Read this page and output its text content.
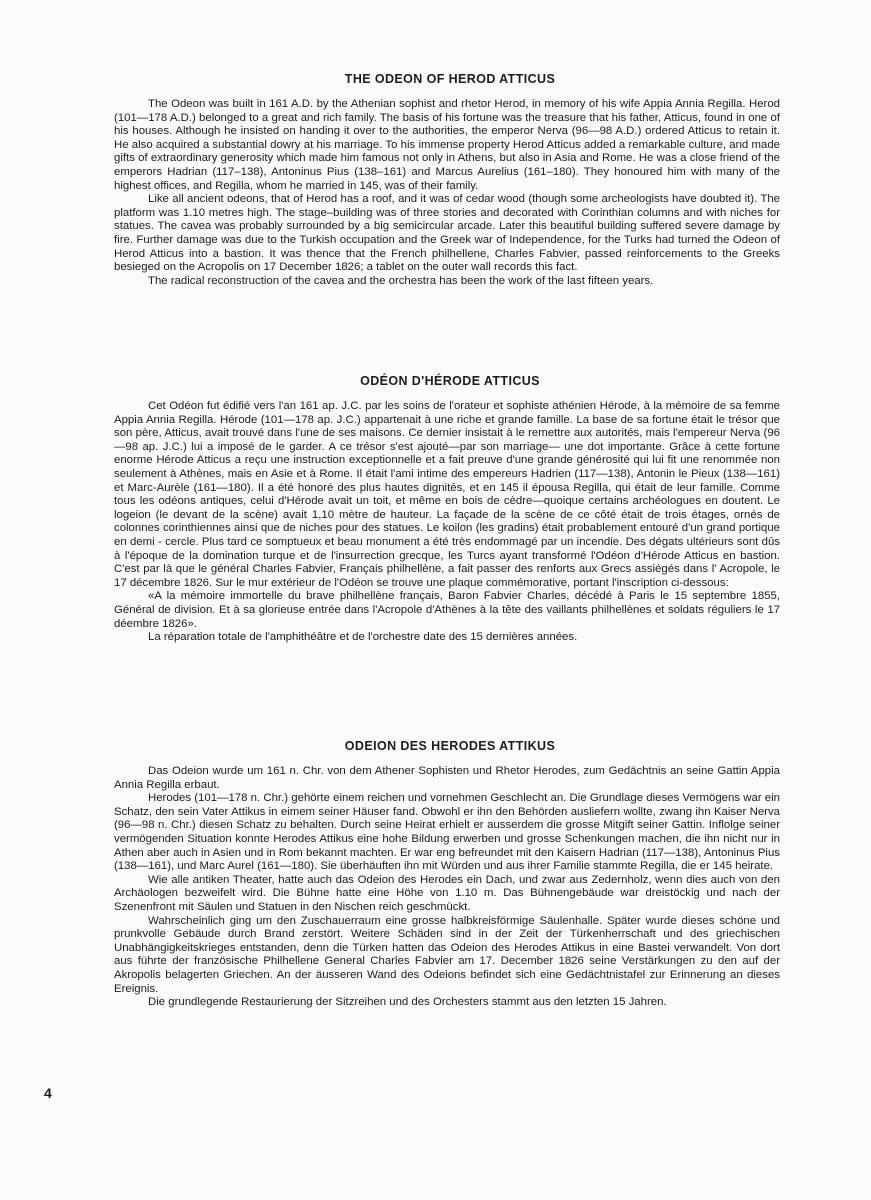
THE ODEON OF HEROD ATTICUS

The Odeon was built in 161 A.D. by the Athenian sophist and rhetor Herod, in memory of his wife Appia Annia Regilla. Herod (101—178 A.D.) belonged to a great and rich family. The basis of his fortune was the treasure that his father, Atticus, found in one of his houses. Although he insisted on handing it over to the authorities, the emperor Nerva (96—98 A.D.) ordered Atticus to retain it. He also acquired a substantial dowry at his marriage. To his immense property Herod Atticus added a remarkable culture, and made gifts of extraordinary generosity which made him famous not only in Athens, but also in Asia and Rome. He was a close friend of the emperors Hadrian (117–138), Antoninus Pius (138–161) and Marcus Aurelius (161–180). They honoured him with many of the highest offices, and Regilla, whom he married in 145, was of their family.

Like all ancient odeons, that of Herod has a roof, and it was of cedar wood (though some archeologists have doubted it). The platform was 1.10 metres high. The stage–building was of three stories and decorated with Corinthian columns and with niches for statues. The cavea was probably surrounded by a big semicircular arcade. Later this beautiful building suffered severe damage by fire. Further damage was due to the Turkish occupation and the Greek war of Independence, for the Turks had turned the Odeon of Herod Atticus into a bastion. It was thence that the French philhellene, Charles Fabvier, passed reinforcements to the Greeks besieged on the Acropolis on 17 December 1826; a tablet on the outer wall records this fact.

The radical reconstruction of the cavea and the orchestra has been the work of the last fifteen years.

ODÉON D'HÉRODE ATTICUS

Cet Odéon fut édifié vers l'an 161 ap. J.C. par les soins de l'orateur et sophiste athénien Hérode, à la mémoire de sa femme Appia Annia Regilla. Hérode (101—178 ap. J.C.) appartenait à une riche et grande famille. La base de sa fortune était le trésor que son père, Atticus, avait trouvé dans l'une de ses maisons. Ce dernier insistait à le remettre aux autorités, mais l'empereur Nerva (96—98 ap. J.C.) lui a imposé de le garder. A ce trésor s'est ajouté—par son marriage— une dot importante. Grâce à cette fortune enorme Hérode Atticus a reçu une instruction exceptionnelle et a fait preuve d'une grande générosité qui lui fit une renommée non seulement à Athènes, mais en Asie et à Rome. Il était l'ami intime des empereurs Hadrien (117—138), Antonin le Pieux (138—161) et Marc-Aurèle (161—180). Il a été honoré des plus hautes dignités, et en 145 il épousa Regilla, qui était de leur famille. Comme tous les odéons antiques, celui d'Hérode avait un toit, et même en bois de cèdre—quoique certains archéologues en doutent. Le logeion (le devant de la scène) avait 1,10 mètre de hauteur. La façade de la scène de ce côté était de trois étages, ornés de colonnes corinthiennes ainsi que de niches pour des statues. Le koilon (les gradins) était probablement entouré d'un grand portique en demi - cercle. Plus tard ce somptueux et beau monument a été très endommagé par un incendie. Des dégats ultérieurs sont dûs à l'époque de la domination turque et de l'insurrection grecque, les Turcs ayant transformé l'Odéon d'Hérode Atticus en bastion. C'est par là que le général Charles Fabvier, Français philhellène, a fait passer des renforts aux Grecs assiégés dans l' Acropole, le 17 décembre 1826. Sur le mur extérieur de l'Odéon se trouve une plaque commémorative, portant l'inscription ci-dessous:

«A la mémoire immortelle du brave philhellène français, Baron Fabvier Charles, décédé à Paris le 15 septembre 1855, Général de division. Et à sa glorieuse entrée dans l'Acropole d'Athènes à la tête des vaillants philhellènes et soldats réguliers le 17 déembre 1826».

La réparation totale de l'amphithéâtre et de l'orchestre date des 15 dernières années.

ODEION DES HERODES ATTIKUS

Das Odeion wurde um 161 n. Chr. von dem Athener Sophisten und Rhetor Herodes, zum Gedächtnis an seine Gattin Appia Annia Regilla erbaut.

Herodes (101—178 n. Chr.) gehörte einem reichen und vornehmen Geschlecht an. Die Grundlage dieses Vermögens war ein Schatz, den sein Vater Attikus in eimem seiner Häuser fand. Obwohl er ihn den Behörden ausliefern wollte, zwang ihn Kaiser Nerva (96—98 n. Chr.) diesen Schatz zu behalten. Durch seine Heirat erhielt er ausserdem die grosse Mitgift seiner Gattin. Inflolge seiner vermögenden Situation konnte Herodes Attikus eine hohe Bildung erwerben und grosse Schenkungen machen, die ihn nicht nur in Athen aber auch in Asien und in Rom bekannt machten. Er war eng befreundet mit den Kaisern Hadrian (117—138), Antoninus Pius (138—161), und Marc Aurel (161—180). Sie überhäuften ihn mit Würden und aus ihrer Familie stammte Regilla, die er 145 heirate.

Wie alle antiken Theater, hatte auch das Odeion des Herodes ein Dach, und zwar aus Zedernholz, wenn dies auch von den Archäologen bezweifelt wird. Die Bühne hatte eine Höhe von 1.10 m. Das Bühnengebäude war dreistöckig und nach der Szenenfront mit Säulen und Statuen in den Nischen reich geschmückt.

Wahrscheinlich ging um den Zuschauerraum eine grosse halbkreisförmige Säulenhalle. Später wurde dieses schöne und prunkvolle Gebäude durch Brand zerstört. Weitere Schäden sind in der Zeit der Türkenherrschaft und des griechischen Unabhängigkeitskrieges entstanden, denn die Türken hatten das Odeion des Herodes Attikus in eine Bastei verwandelt. Von dort aus führte der französische Philhellene General Charles Fabvier am 17. December 1826 seine Verstärkungen zu den auf der Akropolis belagerten Griechen. An der äusseren Wand des Odeions befindet sich eine Gedächtnistafel zur Erinnerung an dieses Ereignis.

Die grundlegende Restaurierung der Sitzreihen und des Orchesters stammt aus den letzten 15 Jahren.

4
